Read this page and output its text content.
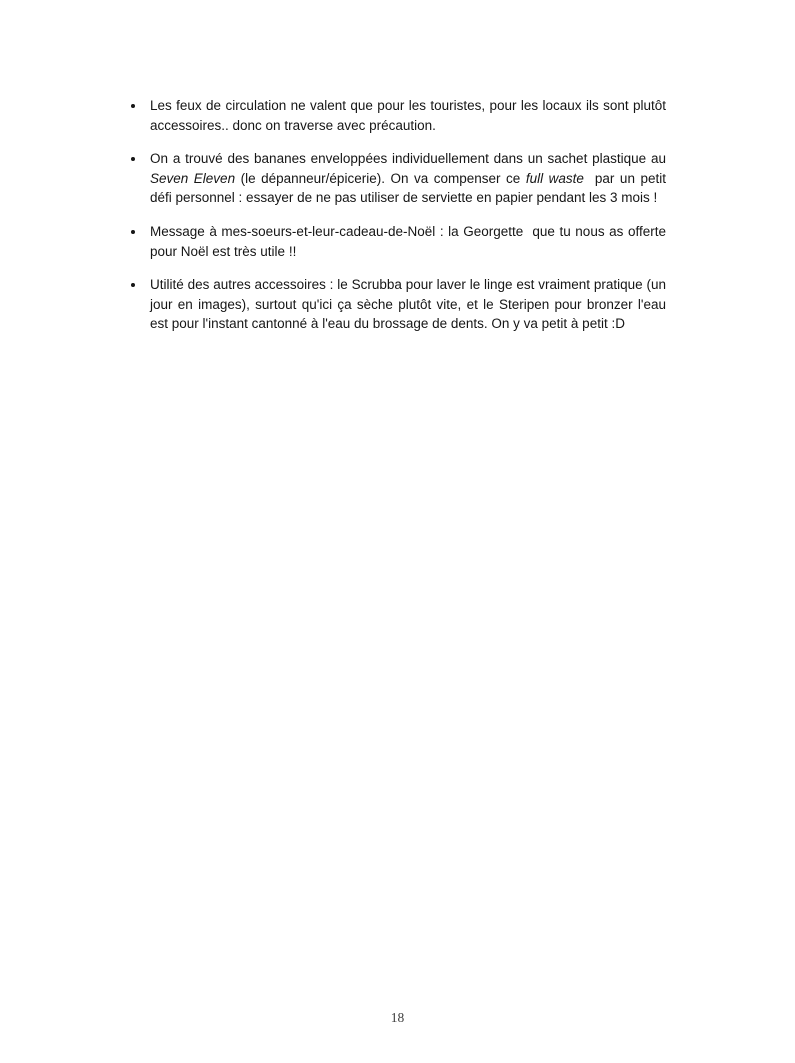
Les feux de circulation ne valent que pour les touristes, pour les locaux ils sont plutôt accessoires.. donc on traverse avec précaution.
On a trouvé des bananes enveloppées individuellement dans un sachet plastique au Seven Eleven (le dépanneur/épicerie). On va compenser ce full waste  par un petit défi personnel : essayer de ne pas utiliser de serviette en papier pendant les 3 mois !
Message à mes-soeurs-et-leur-cadeau-de-Noël : la Georgette  que tu nous as offerte pour Noël est très utile !!
Utilité des autres accessoires : le Scrubba pour laver le linge est vraiment pratique (un jour en images), surtout qu'ici ça sèche plutôt vite, et le Steripen pour bronzer l'eau est pour l'instant cantonné à l'eau du brossage de dents. On y va petit à petit :D
18
